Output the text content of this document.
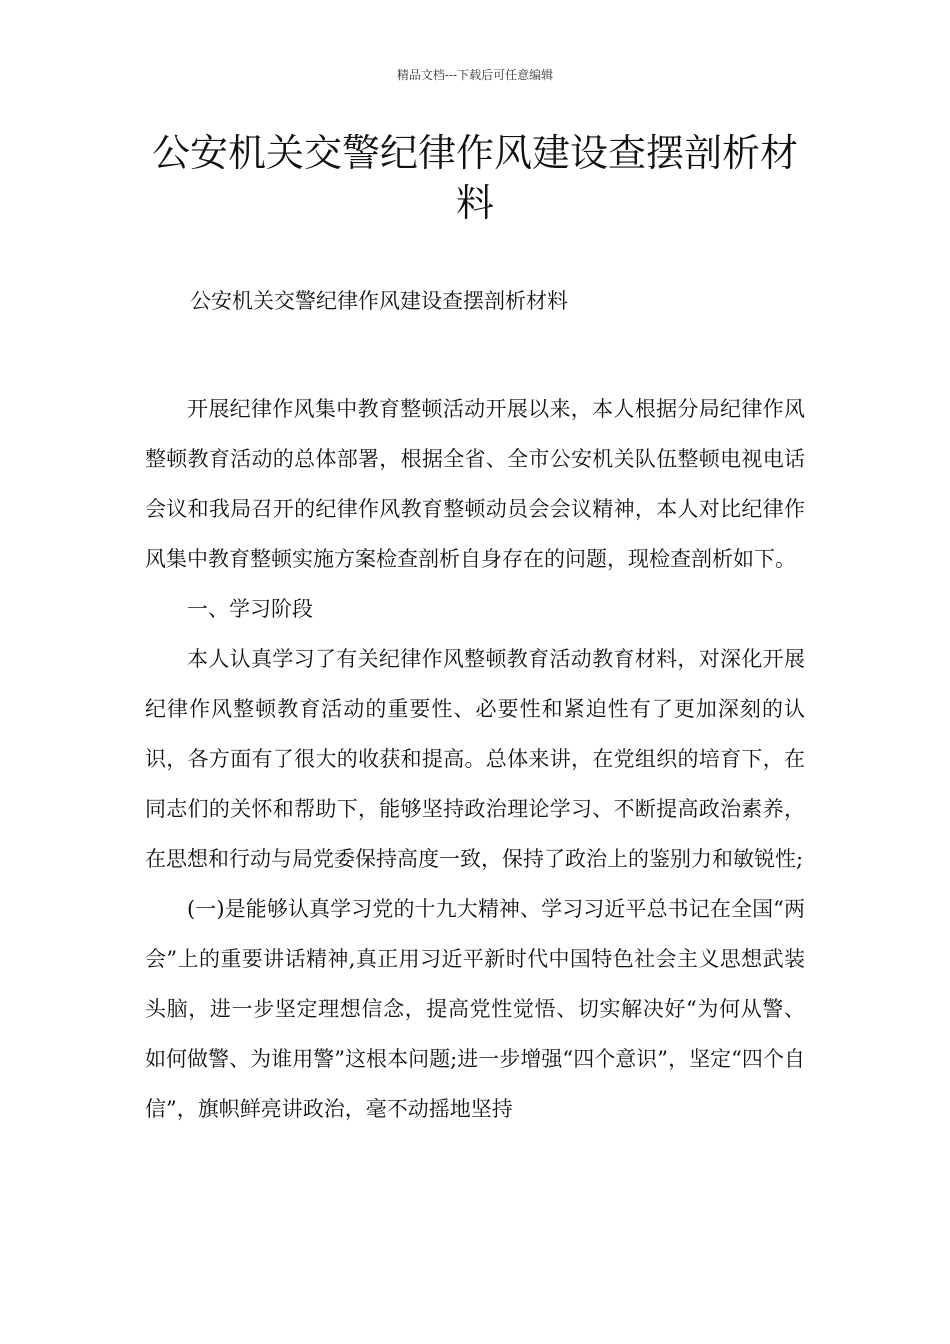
精品文档---下载后可任意编辑
公安机关交警纪律作风建设查摆剖析材料
公安机关交警纪律作风建设查摆剖析材料

开展纪律作风集中教育整顿活动开展以来，本人根据分局纪律作风整顿教育活动的总体部署，根据全省、全市公安机关队伍整顿电视电话会议和我局召开的纪律作风教育整顿动员会会议精神，本人对比纪律作风集中教育整顿实施方案检查剖析自身存在的问题，现检查剖析如下。

一、学习阶段

本人认真学习了有关纪律作风整顿教育活动教育材料，对深化开展纪律作风整顿教育活动的重要性、必要性和紧迫性有了更加深刻的认识，各方面有了很大的收获和提高。总体来讲，在党组织的培育下，在同志们的关怀和帮助下，能够坚持政治理论学习、不断提高政治素养，在思想和行动与局党委保持高度一致，保持了政治上的鉴别力和敏锐性;

(一)是能够认真学习党的十九大精神、学习习近平总书记在全国“两会”上的重要讲话精神,真正用习近平新时代中国特色社会主义思想武装头脑，进一步坚定理想信念，提高党性觉悟、切实解决好“为何从警、如何做警、为谁用警”这根本问题;进一步增强“四个意识”，坚定“四个自信”，旗帜鲜亮讲政治，毫不动摇地坚持
